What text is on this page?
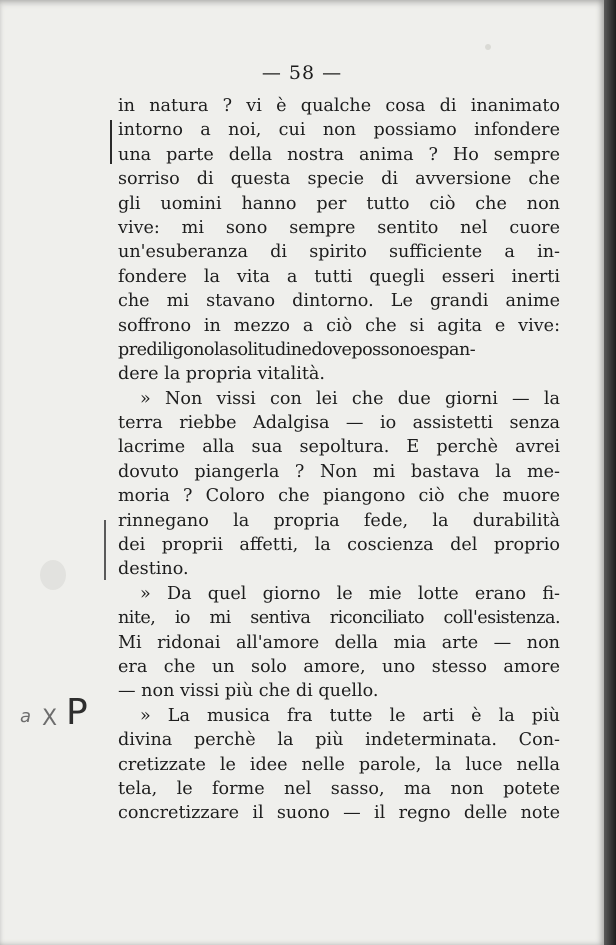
— 58 —
in natura ? vi è qualche cosa di inanimato
intorno a noi, cui non possiamo infondere
una parte della nostra anima ? Ho sempre
sorriso di questa specie di avversione che
gli uomini hanno per tutto ciò che non
vive: mi sono sempre sentito nel cuore
un'esuberanza di spirito sufficiente a in-
fondere la vita a tutti quegli esseri inerti
che mi stavano dintorno. Le grandi anime
soffrono in mezzo a ciò che si agita e vive:
prediligonolasolitudinedovepossonoespan-
dere la propria vitalità.
» Non vissi con lei che due giorni — la
terra riebbe Adalgisa — io assistetti senza
lacrime alla sua sepoltura. E perchè avrei
dovuto piangerla ? Non mi bastava la me-
moria ? Coloro che piangono ciò che muore
rinnegano la propria fede, la durabilità
dei proprii affetti, la coscienza del proprio
destino.
» Da quel giorno le mie lotte erano fi-
nite, io mi sentiva riconciliato coll'esistenza.
Mi ridonai all'amore della mia arte — non
era che un solo amore, uno stesso amore
— non vissi più che di quello.
» La musica fra tutte le arti è la più
divina perchè la più indeterminata. Con-
cretizzate le idee nelle parole, la luce nella
tela, le forme nel sasso, ma non potete
concretizzare il suono — il regno delle note
a X P
